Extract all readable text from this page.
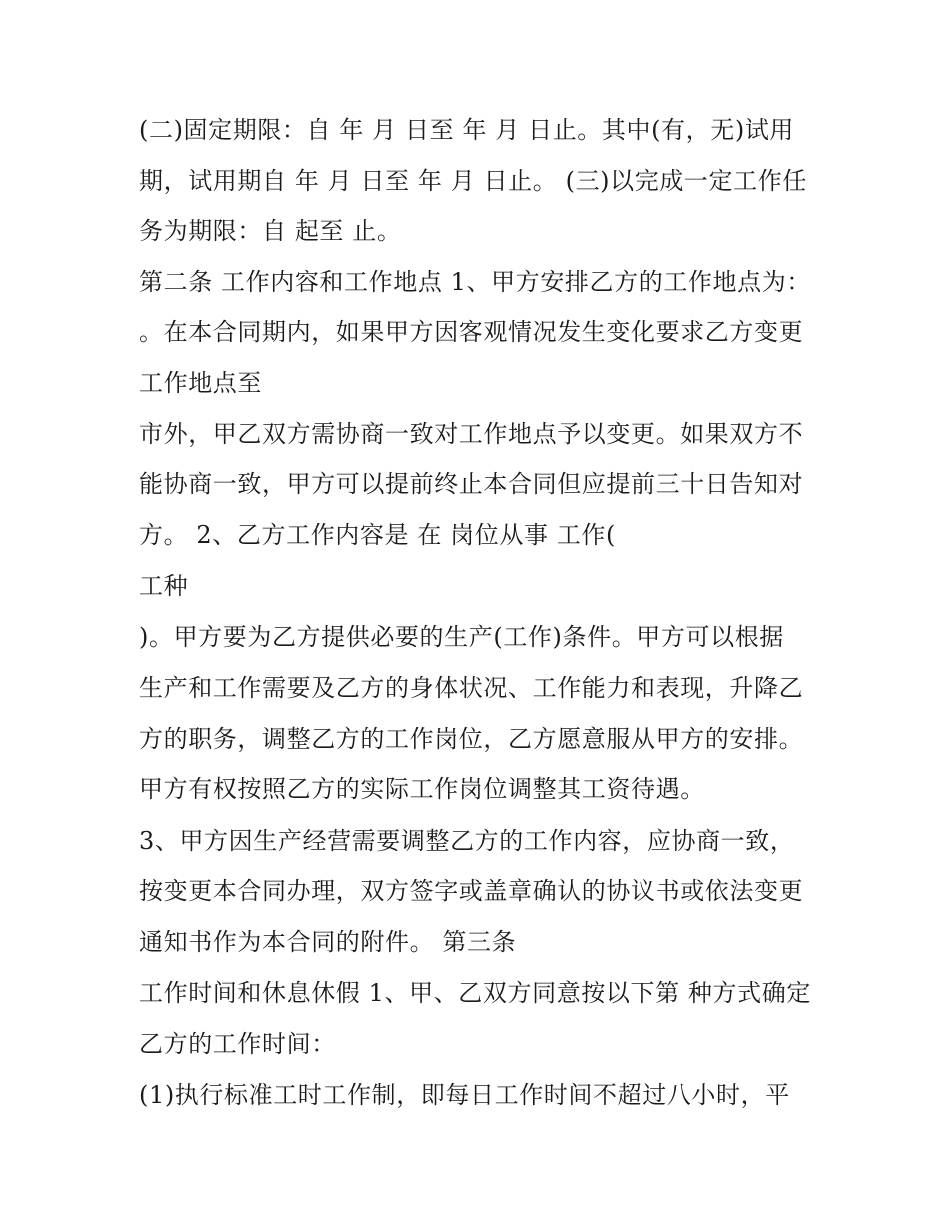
(二)固定期限：自 年 月 日至 年 月 日止。其中(有，无)试用
期，试用期自 年 月 日至 年 月 日止。 (三)以完成一定工作任
务为期限：自 起至 止。
第二条 工作内容和工作地点 1、甲方安排乙方的工作地点为：
。在本合同期内，如果甲方因客观情况发生变化要求乙方变更
工作地点至
市外，甲乙双方需协商一致对工作地点予以变更。如果双方不
能协商一致，甲方可以提前终止本合同但应提前三十日告知对
方。 2、乙方工作内容是 在 岗位从事 工作(
工种
)。甲方要为乙方提供必要的生产(工作)条件。甲方可以根据
生产和工作需要及乙方的身体状况、工作能力和表现，升降乙
方的职务，调整乙方的工作岗位，乙方愿意服从甲方的安排。
甲方有权按照乙方的实际工作岗位调整其工资待遇。
3、甲方因生产经营需要调整乙方的工作内容，应协商一致，
按变更本合同办理，双方签字或盖章确认的协议书或依法变更
通知书作为本合同的附件。 第三条
工作时间和休息休假 1、甲、乙双方同意按以下第 种方式确定
乙方的工作时间：
(1)执行标准工时工作制，即每日工作时间不超过八小时，平
